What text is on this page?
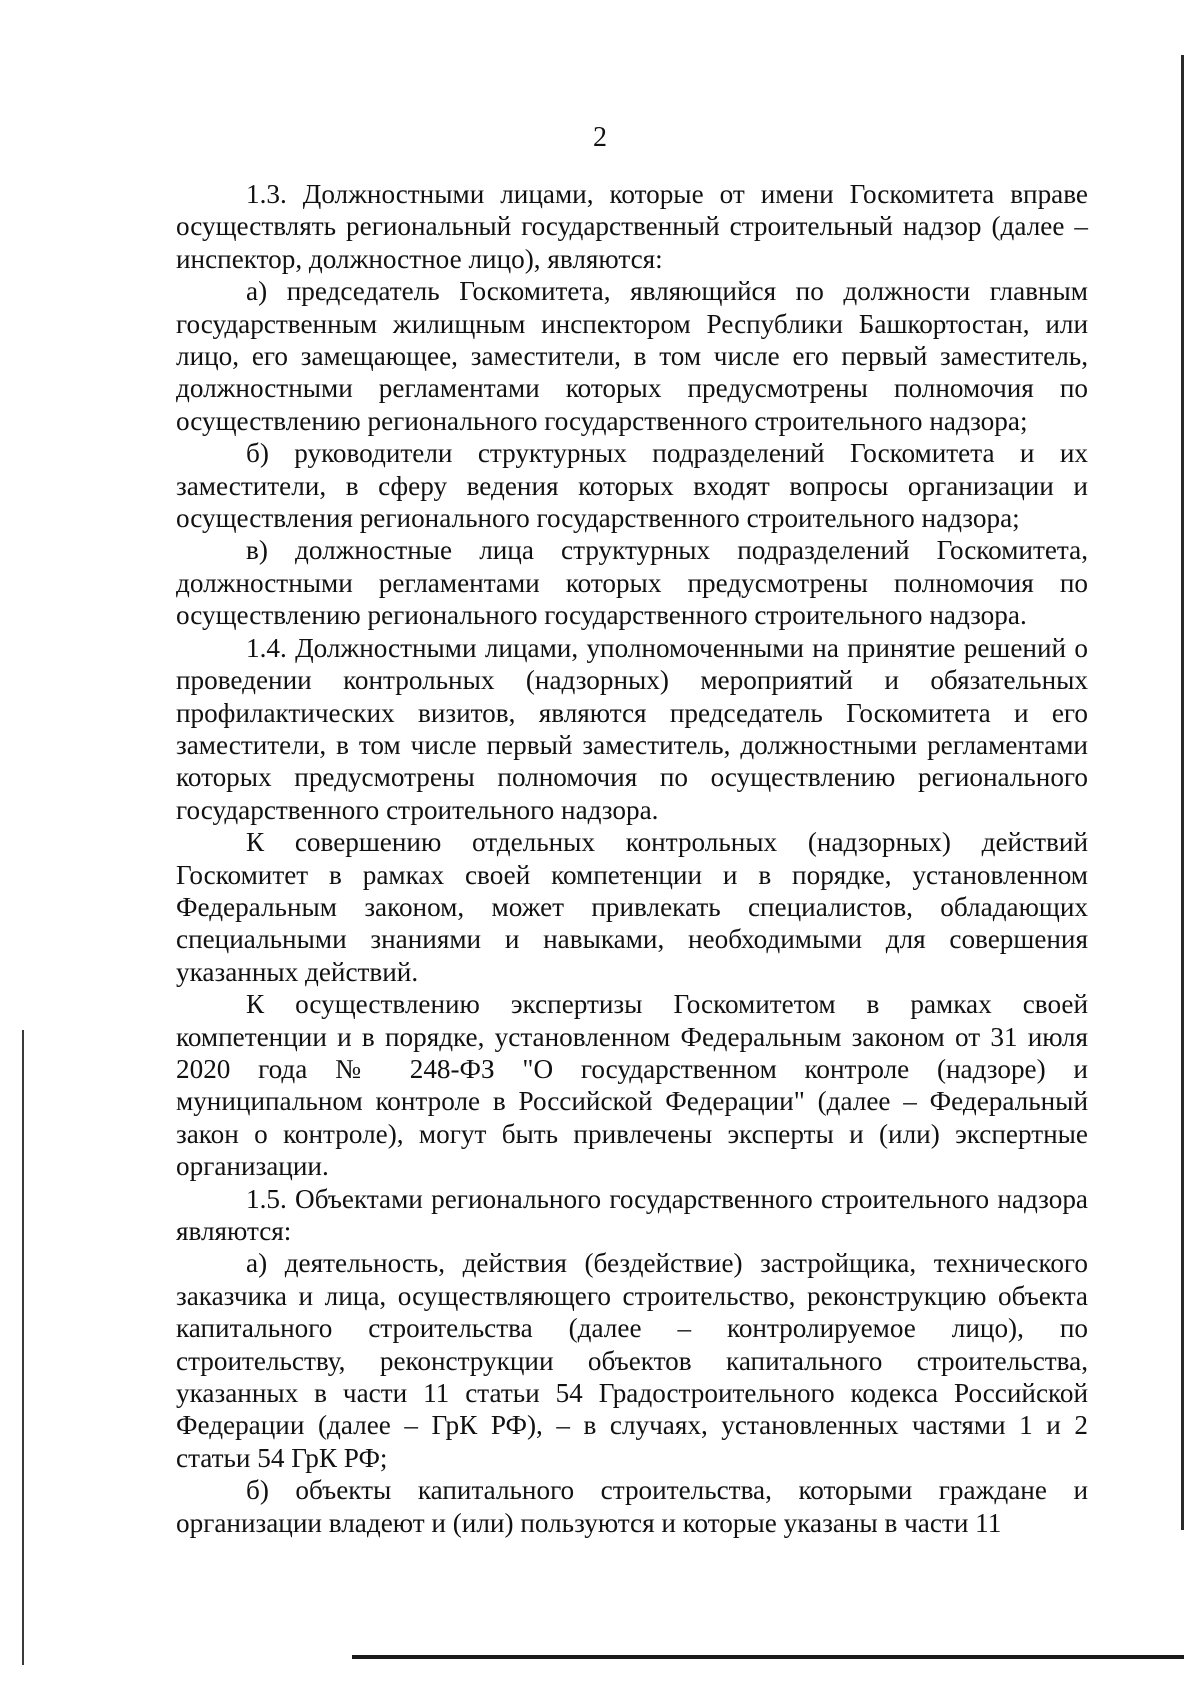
2

1.3. Должностными лицами, которые от имени Госкомитета вправе осуществлять региональный государственный строительный надзор (далее – инспектор, должностное лицо), являются:

а) председатель Госкомитета, являющийся по должности главным государственным жилищным инспектором Республики Башкортостан, или лицо, его замещающее, заместители, в том числе его первый заместитель, должностными регламентами которых предусмотрены полномочия по осуществлению регионального государственного строительного надзора;

б) руководители структурных подразделений Госкомитета и их заместители, в сферу ведения которых входят вопросы организации и осуществления регионального государственного строительного надзора;

в) должностные лица структурных подразделений Госкомитета, должностными регламентами которых предусмотрены полномочия по осуществлению регионального государственного строительного надзора.

1.4. Должностными лицами, уполномоченными на принятие решений о проведении контрольных (надзорных) мероприятий и обязательных профилактических визитов, являются председатель Госкомитета и его заместители, в том числе первый заместитель, должностными регламентами которых предусмотрены полномочия по осуществлению регионального государственного строительного надзора.

К совершению отдельных контрольных (надзорных) действий Госкомитет в рамках своей компетенции и в порядке, установленном Федеральным законом, может привлекать специалистов, обладающих специальными знаниями и навыками, необходимыми для совершения указанных действий.

К осуществлению экспертизы Госкомитетом в рамках своей компетенции и в порядке, установленном Федеральным законом от 31 июля 2020 года № 248-ФЗ "О государственном контроле (надзоре) и муниципальном контроле в Российской Федерации" (далее – Федеральный закон о контроле), могут быть привлечены эксперты и (или) экспертные организации.

1.5. Объектами регионального государственного строительного надзора являются:

а) деятельность, действия (бездействие) застройщика, технического заказчика и лица, осуществляющего строительство, реконструкцию объекта капитального строительства (далее – контролируемое лицо), по строительству, реконструкции объектов капитального строительства, указанных в части 11 статьи 54 Градостроительного кодекса Российской Федерации (далее – ГрК РФ), – в случаях, установленных частями 1 и 2 статьи 54 ГрК РФ;

б) объекты капитального строительства, которыми граждане и организации владеют и (или) пользуются и которые указаны в части 11
